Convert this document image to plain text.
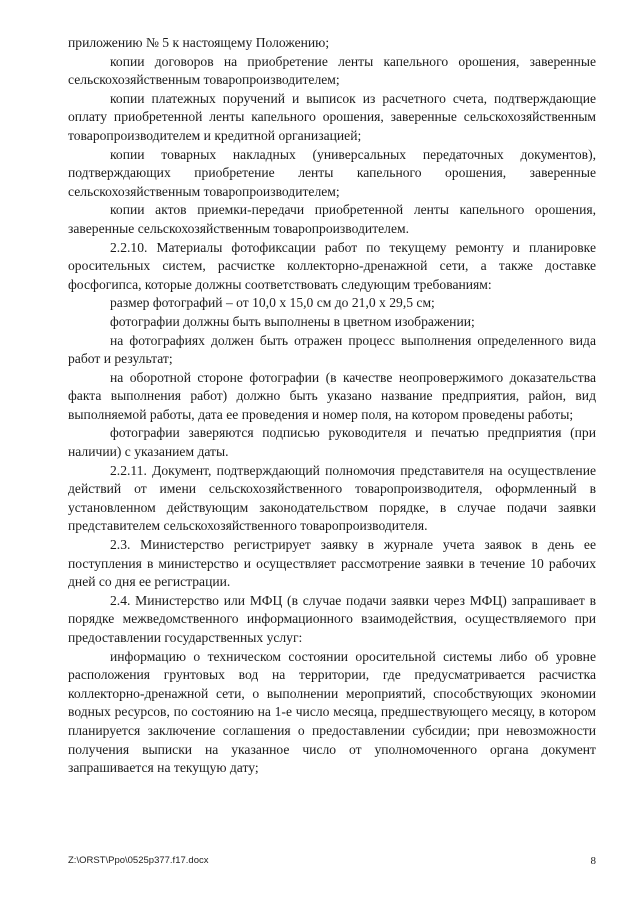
приложению № 5 к настоящему Положению;

копии договоров на приобретение ленты капельного орошения, заверенные сельскохозяйственным товаропроизводителем;

копии платежных поручений и выписок из расчетного счета, подтверждающие оплату приобретенной ленты капельного орошения, заверенные сельскохозяйственным товаропроизводителем и кредитной организацией;

копии товарных накладных (универсальных передаточных документов), подтверждающих приобретение ленты капельного орошения, заверенные сельскохозяйственным товаропроизводителем;

копии актов приемки-передачи приобретенной ленты капельного орошения, заверенные сельскохозяйственным товаропроизводителем.

2.2.10. Материалы фотофиксации работ по текущему ремонту и планировке оросительных систем, расчистке коллекторно-дренажной сети, а также доставке фосфогипса, которые должны соответствовать следующим требованиям:

размер фотографий – от 10,0 х 15,0 см до 21,0 х 29,5 см;

фотографии должны быть выполнены в цветном изображении;

на фотографиях должен быть отражен процесс выполнения определенного вида работ и результат;

на оборотной стороне фотографии (в качестве неопровержимого доказательства факта выполнения работ) должно быть указано название предприятия, район, вид выполняемой работы, дата ее проведения и номер поля, на котором проведены работы;

фотографии заверяются подписью руководителя и печатью предприятия (при наличии) с указанием даты.

2.2.11. Документ, подтверждающий полномочия представителя на осуществление действий от имени сельскохозяйственного товаропроизводителя, оформленный в установленном действующим законодательством порядке, в случае подачи заявки представителем сельскохозяйственного товаропроизводителя.

2.3. Министерство регистрирует заявку в журнале учета заявок в день ее поступления в министерство и осуществляет рассмотрение заявки в течение 10 рабочих дней со дня ее регистрации.

2.4. Министерство или МФЦ (в случае подачи заявки через МФЦ) запрашивает в порядке межведомственного информационного взаимодействия, осуществляемого при предоставлении государственных услуг:

информацию о техническом состоянии оросительной системы либо об уровне расположения грунтовых вод на территории, где предусматривается расчистка коллекторно-дренажной сети, о выполнении мероприятий, способствующих экономии водных ресурсов, по состоянию на 1-е число месяца, предшествующего месяцу, в котором планируется заключение соглашения о предоставлении субсидии; при невозможности получения выписки на указанное число от уполномоченного органа документ запрашивается на текущую дату;

Z:\ORST\Ppo\0525p377.f17.docx	8
